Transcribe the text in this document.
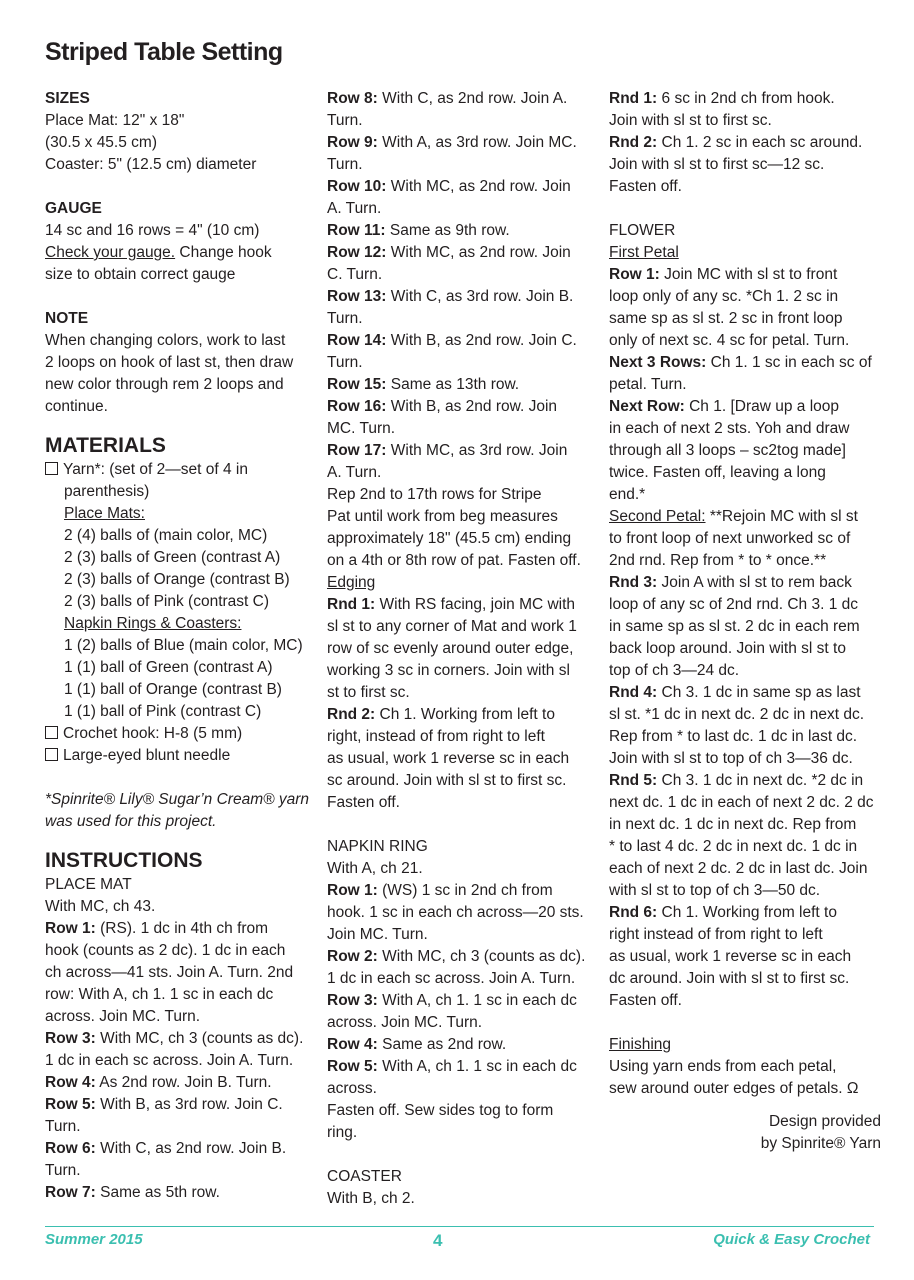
Striped Table Setting
SIZES
Place Mat: 12" x 18"
(30.5 x 45.5 cm)
Coaster: 5" (12.5 cm) diameter
GAUGE
14 sc and 16 rows = 4" (10 cm)
Check your gauge. Change hook
size to obtain correct gauge
NOTE
When changing colors, work to last
2 loops on hook of last st, then draw
new color through rem 2 loops and
continue.
MATERIALS
Yarn*: (set of 2—set of 4 in
parenthesis)
Place Mats:
2 (4) balls of (main color, MC)
2 (3) balls of Green (contrast A)
2 (3) balls of Orange (contrast B)
2 (3) balls of Pink (contrast C)
Napkin Rings & Coasters:
1 (2) balls of Blue (main color, MC)
1 (1) ball of Green (contrast A)
1 (1) ball of Orange (contrast B)
1 (1) ball of Pink (contrast C)
Crochet hook: H-8 (5 mm)
Large-eyed blunt needle
*Spinrite® Lily® Sugar’n Cream® yarn
was used for this project.
INSTRUCTIONS
PLACE MAT
With MC, ch 43.
Row 1: (RS). 1 dc in 4th ch from
hook (counts as 2 dc). 1 dc in each
ch across—41 sts. Join A. Turn. 2nd
row: With A, ch 1. 1 sc in each dc
across. Join MC. Turn.
Row 3: With MC, ch 3 (counts as dc).
1 dc in each sc across. Join A. Turn.
Row 4: As 2nd row. Join B. Turn.
Row 5: With B, as 3rd row. Join C.
Turn.
Row 6: With C, as 2nd row. Join B.
Turn.
Row 7: Same as 5th row.
Row 8: With C, as 2nd row. Join A.
Turn.
Row 9: With A, as 3rd row. Join MC.
Turn.
Row 10: With MC, as 2nd row. Join
A. Turn.
Row 11: Same as 9th row.
Row 12: With MC, as 2nd row. Join
C. Turn.
Row 13: With C, as 3rd row. Join B.
Turn.
Row 14: With B, as 2nd row. Join C.
Turn.
Row 15: Same as 13th row.
Row 16: With B, as 2nd row. Join
MC. Turn.
Row 17: With MC, as 3rd row. Join
A. Turn.
Rep 2nd to 17th rows for Stripe
Pat until work from beg measures
approximately 18" (45.5 cm) ending
on a 4th or 8th row of pat. Fasten off.
Edging
Rnd 1: With RS facing, join MC with
sl st to any corner of Mat and work 1
row of sc evenly around outer edge,
working 3 sc in corners. Join with sl
st to first sc.
Rnd 2: Ch 1. Working from left to
right, instead of from right to left
as usual, work 1 reverse sc in each
sc around. Join with sl st to first sc.
Fasten off.
NAPKIN RING
With A, ch 21.
Row 1: (WS) 1 sc in 2nd ch from
hook. 1 sc in each ch across—20 sts.
Join MC. Turn.
Row 2: With MC, ch 3 (counts as dc).
1 dc in each sc across. Join A. Turn.
Row 3: With A, ch 1. 1 sc in each dc
across. Join MC. Turn.
Row 4: Same as 2nd row.
Row 5: With A, ch 1. 1 sc in each dc
across.
Fasten off. Sew sides tog to form
ring.
COASTER
With B, ch 2.
Rnd 1: 6 sc in 2nd ch from hook.
Join with sl st to first sc.
Rnd 2: Ch 1. 2 sc in each sc around.
Join with sl st to first sc—12 sc.
Fasten off.
FLOWER
First Petal
Row 1: Join MC with sl st to front
loop only of any sc. *Ch 1. 2 sc in
same sp as sl st. 2 sc in front loop
only of next sc. 4 sc for petal. Turn.
Next 3 Rows: Ch 1. 1 sc in each sc of
petal. Turn.
Next Row: Ch 1. [Draw up a loop
in each of next 2 sts. Yoh and draw
through all 3 loops – sc2tog made]
twice. Fasten off, leaving a long
end.*
Second Petal: **Rejoin MC with sl st
to front loop of next unworked sc of
2nd rnd. Rep from * to * once.**
Rnd 3: Join A with sl st to rem back
loop of any sc of 2nd rnd. Ch 3. 1 dc
in same sp as sl st. 2 dc in each rem
back loop around. Join with sl st to
top of ch 3—24 dc.
Rnd 4: Ch 3. 1 dc in same sp as last
sl st. *1 dc in next dc. 2 dc in next dc.
Rep from * to last dc. 1 dc in last dc.
Join with sl st to top of ch 3—36 dc.
Rnd 5: Ch 3. 1 dc in next dc. *2 dc in
next dc. 1 dc in each of next 2 dc. 2 dc
in next dc. 1 dc in next dc. Rep from
* to last 4 dc. 2 dc in next dc. 1 dc in
each of next 2 dc. 2 dc in last dc. Join
with sl st to top of ch 3—50 dc.
Rnd 6: Ch 1. Working from left to
right instead of from right to left
as usual, work 1 reverse sc in each
dc around. Join with sl st to first sc.
Fasten off.
Finishing
Using yarn ends from each petal,
sew around outer edges of petals. Ω
Design provided
by Spinrite® Yarn
Summer 2015	4	Quick & Easy Crochet
